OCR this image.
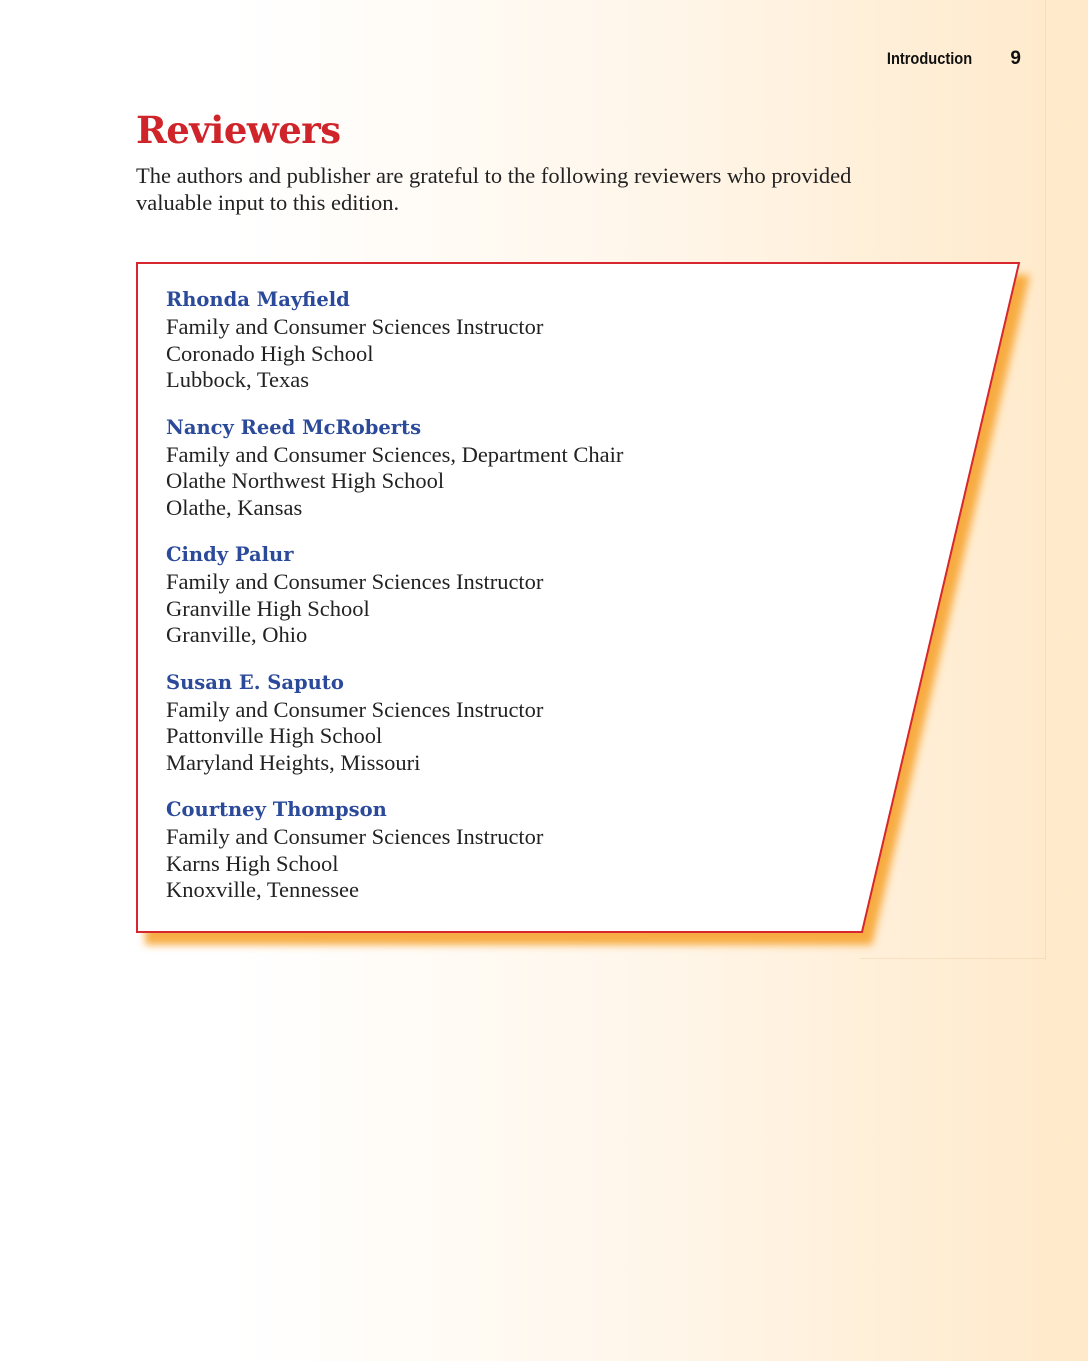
Introduction 9
Reviewers

The authors and publisher are grateful to the following reviewers who provided valuable input to this edition.

Rhonda Mayfield
Family and Consumer Sciences Instructor
Coronado High School
Lubbock, Texas
Nancy Reed McRoberts
Family and Consumer Sciences, Department Chair
Olathe Northwest High School
Olathe, Kansas
Cindy Palur
Family and Consumer Sciences Instructor
Granville High School
Granville, Ohio
Susan E. Saputo
Family and Consumer Sciences Instructor
Pattonville High School
Maryland Heights, Missouri
Courtney Thompson
Family and Consumer Sciences Instructor
Karns High School
Knoxville, Tennessee
